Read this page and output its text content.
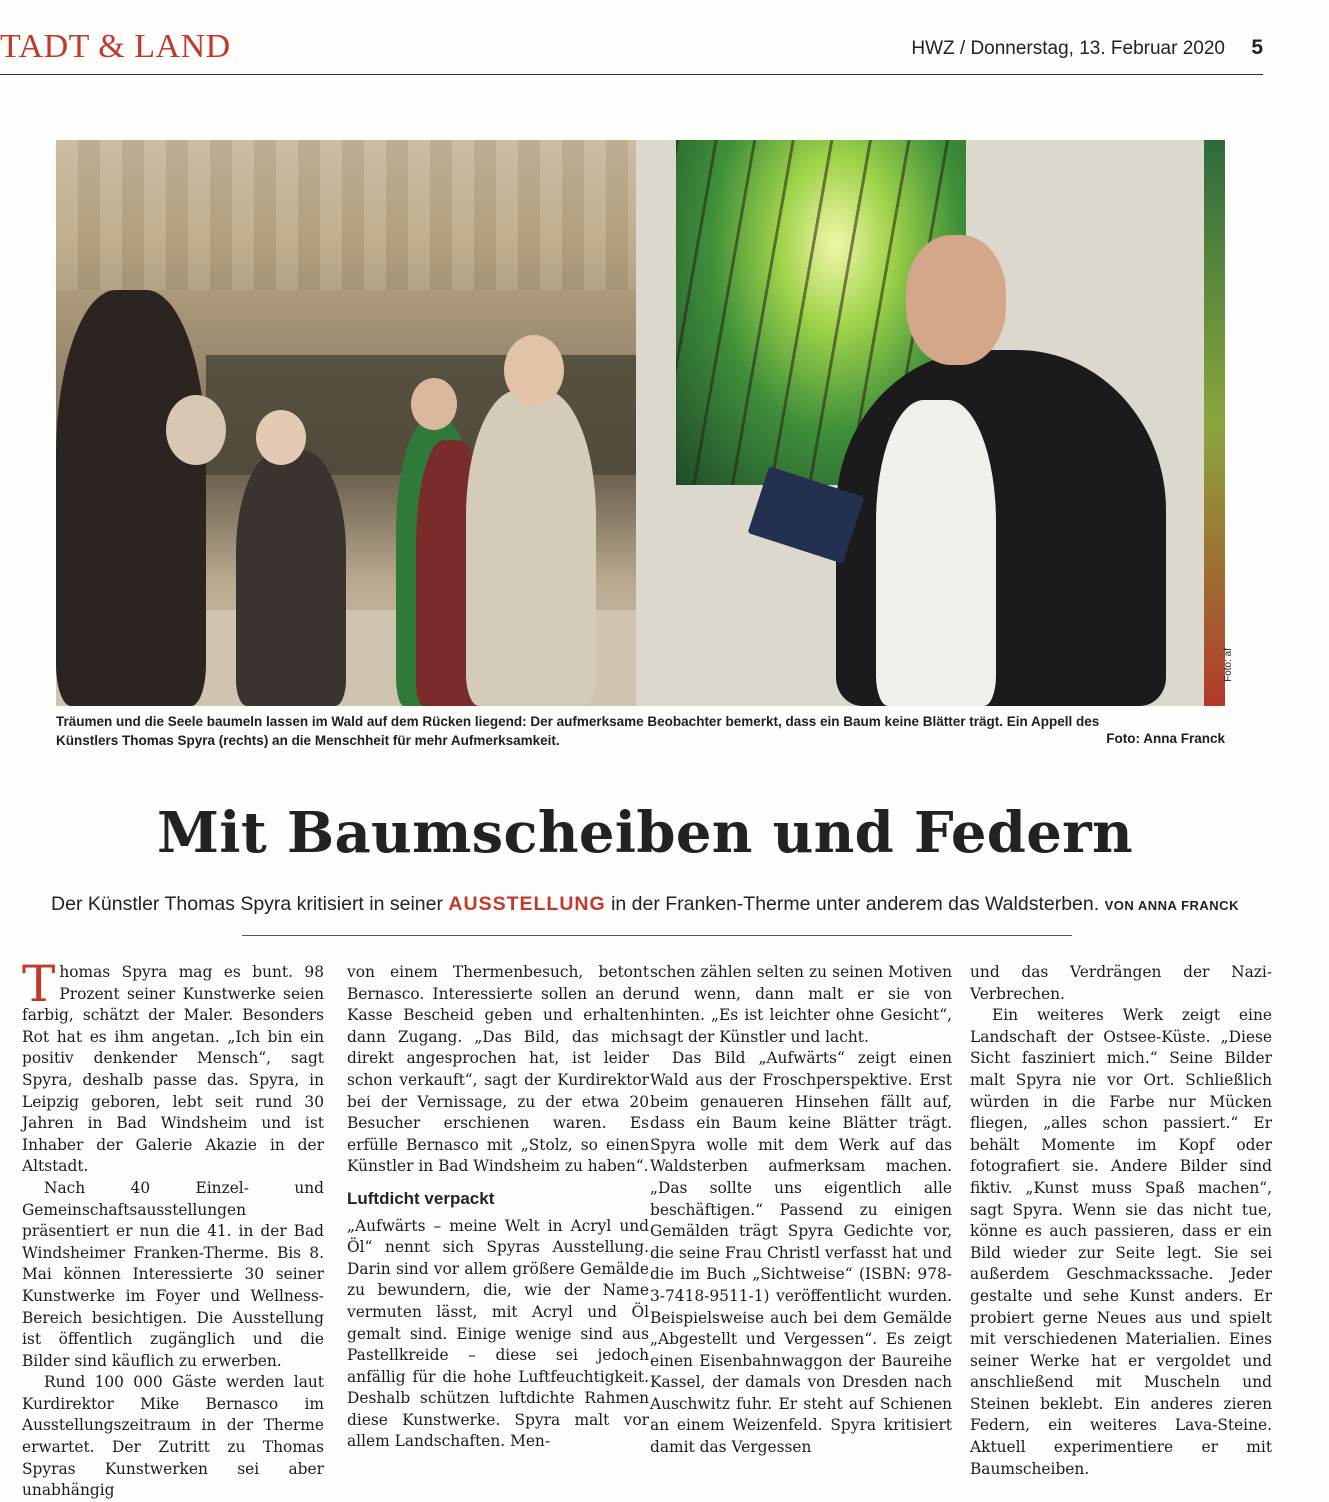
TADT & LAND	HWZ / Donnerstag, 13. Februar 2020 5
Foto: af
Träumen und die Seele baumeln lassen im Wald auf dem Rücken liegend: Der aufmerksame Beobachter bemerkt, dass ein Baum keine Blätter trägt. Ein Appell des
Künstlers Thomas Spyra (rechts) an die Menschheit für mehr Aufmerksamkeit.	Foto: Anna Franck
Mit Baumscheiben und Federn
Der Künstler Thomas Spyra kritisiert in seiner AUSSTELLUNG in der Franken-Therme unter anderem das Waldsterben. VON ANNA FRANCK

Thomas Spyra mag es bunt. 98 Prozent seiner Kunstwerke seien farbig, schätzt der Maler. Besonders Rot hat es ihm angetan. „Ich bin ein positiv denkender Mensch“, sagt Spyra, deshalb passe das. Spyra, in Leipzig geboren, lebt seit rund 30 Jahren in Bad Windsheim und ist Inhaber der Galerie Akazie in der Altstadt.

Nach 40 Einzel- und Gemeinschaftsausstellungen präsentiert er nun die 41. in der Bad Windsheimer Franken-Therme. Bis 8. Mai können Interessierte 30 seiner Kunstwerke im Foyer und Wellness-Bereich besichtigen. Die Ausstellung ist öffentlich zugänglich und die Bilder sind käuflich zu erwerben.

Rund 100 000 Gäste werden laut Kurdirektor Mike Bernasco im Ausstellungszeitraum in der Therme erwartet. Der Zutritt zu Thomas Spyras Kunstwerken sei aber unabhängig

von einem Thermenbesuch, betont Bernasco. Interessierte sollen an der Kasse Bescheid geben und erhalten dann Zugang. „Das Bild, das mich direkt angesprochen hat, ist leider schon verkauft“, sagt der Kurdirektor bei der Vernissage, zu der etwa 20 Besucher erschienen waren. Es erfülle Bernasco mit „Stolz, so einen Künstler in Bad Windsheim zu haben“.

Luftdicht verpackt

„Aufwärts – meine Welt in Acryl und Öl“ nennt sich Spyras Ausstellung. Darin sind vor allem größere Gemälde zu bewundern, die, wie der Name vermuten lässt, mit Acryl und Öl gemalt sind. Einige wenige sind aus Pastellkreide – diese sei jedoch anfällig für die hohe Luftfeuchtigkeit. Deshalb schützen luftdichte Rahmen diese Kunstwerke. Spyra malt vor allem Landschaften. Men-

schen zählen selten zu seinen Motiven und wenn, dann malt er sie von hinten. „Es ist leichter ohne Gesicht“, sagt der Künstler und lacht.

Das Bild „Aufwärts“ zeigt einen Wald aus der Froschperspektive. Erst beim genaueren Hinsehen fällt auf, dass ein Baum keine Blätter trägt. Spyra wolle mit dem Werk auf das Waldsterben aufmerksam machen. „Das sollte uns eigentlich alle beschäftigen.“ Passend zu einigen Gemälden trägt Spyra Gedichte vor, die seine Frau Christl verfasst hat und die im Buch „Sichtweise“ (ISBN: 978-3-7418-9511-1) veröffentlicht wurden. Beispielsweise auch bei dem Gemälde „Abgestellt und Vergessen“. Es zeigt einen Eisenbahnwaggon der Baureihe Kassel, der damals von Dresden nach Auschwitz fuhr. Er steht auf Schienen an einem Weizenfeld. Spyra kritisiert damit das Vergessen

und das Verdrängen der Nazi-Verbrechen.

Ein weiteres Werk zeigt eine Landschaft der Ostsee-Küste. „Diese Sicht fasziniert mich.“ Seine Bilder malt Spyra nie vor Ort. Schließlich würden in die Farbe nur Mücken fliegen, „alles schon passiert.“ Er behält Momente im Kopf oder fotografiert sie. Andere Bilder sind fiktiv. „Kunst muss Spaß machen“, sagt Spyra. Wenn sie das nicht tue, könne es auch passieren, dass er ein Bild wieder zur Seite legt. Sie sei außerdem Geschmackssache. Jeder gestalte und sehe Kunst anders. Er probiert gerne Neues aus und spielt mit verschiedenen Materialien. Eines seiner Werke hat er vergoldet und anschließend mit Muscheln und Steinen beklebt. Ein anderes zieren Federn, ein weiteres Lava-Steine. Aktuell experimentiere er mit Baumscheiben.
